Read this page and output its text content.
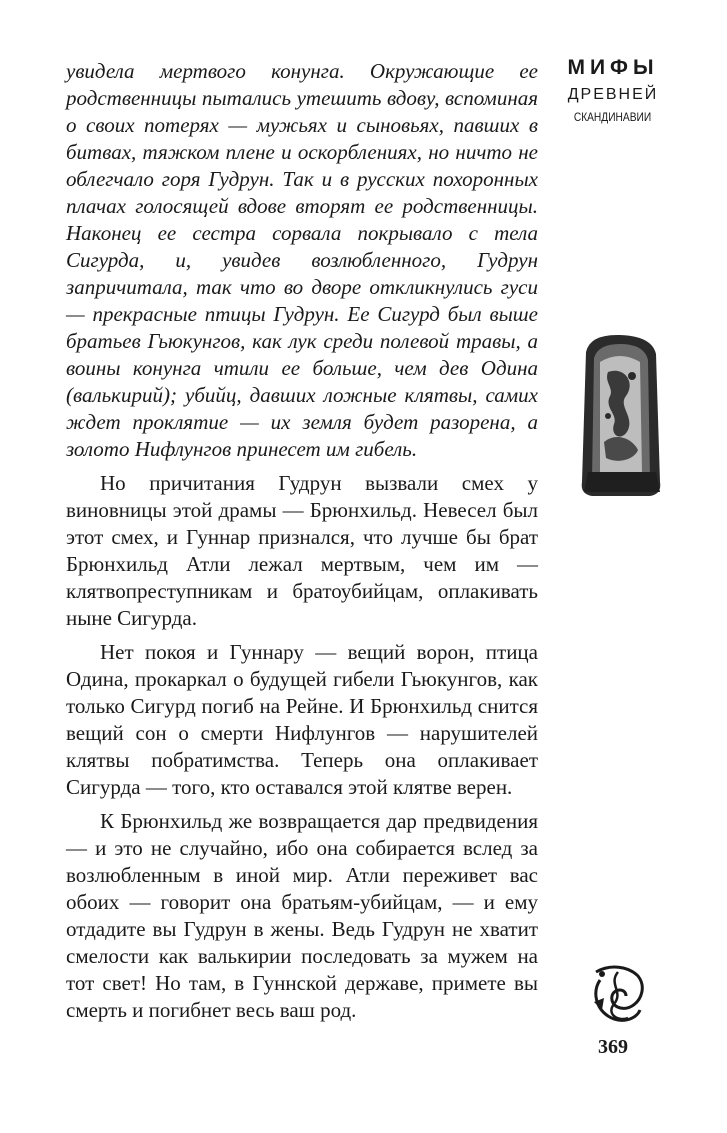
МИФЫ
ДРЕВНЕЙ
СКАНДИНАВИИ

увидела мертвого конунга. Окружающие ее родственницы пытались утешить вдову, вспоминая о своих потерях — мужьях и сыновьях, павших в битвах, тяжком плене и оскорблениях, но ничто не облегчало горя Гудрун. Так и в русских похоронных плачах голосящей вдове вторят ее родственницы. Наконец ее сестра сорвала покрывало с тела Сигурда, и, увидев возлюбленного, Гудрун запричитала, так что во дворе откликнулись гуси — прекрасные птицы Гудрун. Ее Сигурд был выше братьев Гьюкунгов, как лук среди полевой травы, а воины конунга чтили ее больше, чем дев Одина (валькирий); убийц, давших ложные клятвы, самих ждет проклятие — их земля будет разорена, а золото Нифлунгов принесет им гибель.

Но причитания Гудрун вызвали смех у виновницы этой драмы — Брюнхильд. Невесел был этот смех, и Гуннар признался, что лучше бы брат Брюнхильд Атли лежал мертвым, чем им — клятвопреступникам и братоубийцам, оплакивать ныне Сигурда.

Нет покоя и Гуннару — вещий ворон, птица Одина, прокаркал о будущей гибели Гьюкунгов, как только Сигурд погиб на Рейне. И Брюнхильд снится вещий сон о смерти Нифлунгов — нарушителей клятвы побратимства. Теперь она оплакивает Сигурда — того, кто оставался этой клятве верен.

К Брюнхильд же возвращается дар предвидения — и это не случайно, ибо она собирается вслед за возлюбленным в иной мир. Атли переживет вас обоих — говорит она братьям-убийцам, — и ему отдадите вы Гудрун в жены. Ведь Гудрун не хватит смелости как валькирии последовать за мужем на тот свет! Но там, в Гуннской державе, примете вы смерть и погибнет весь ваш род.

369
